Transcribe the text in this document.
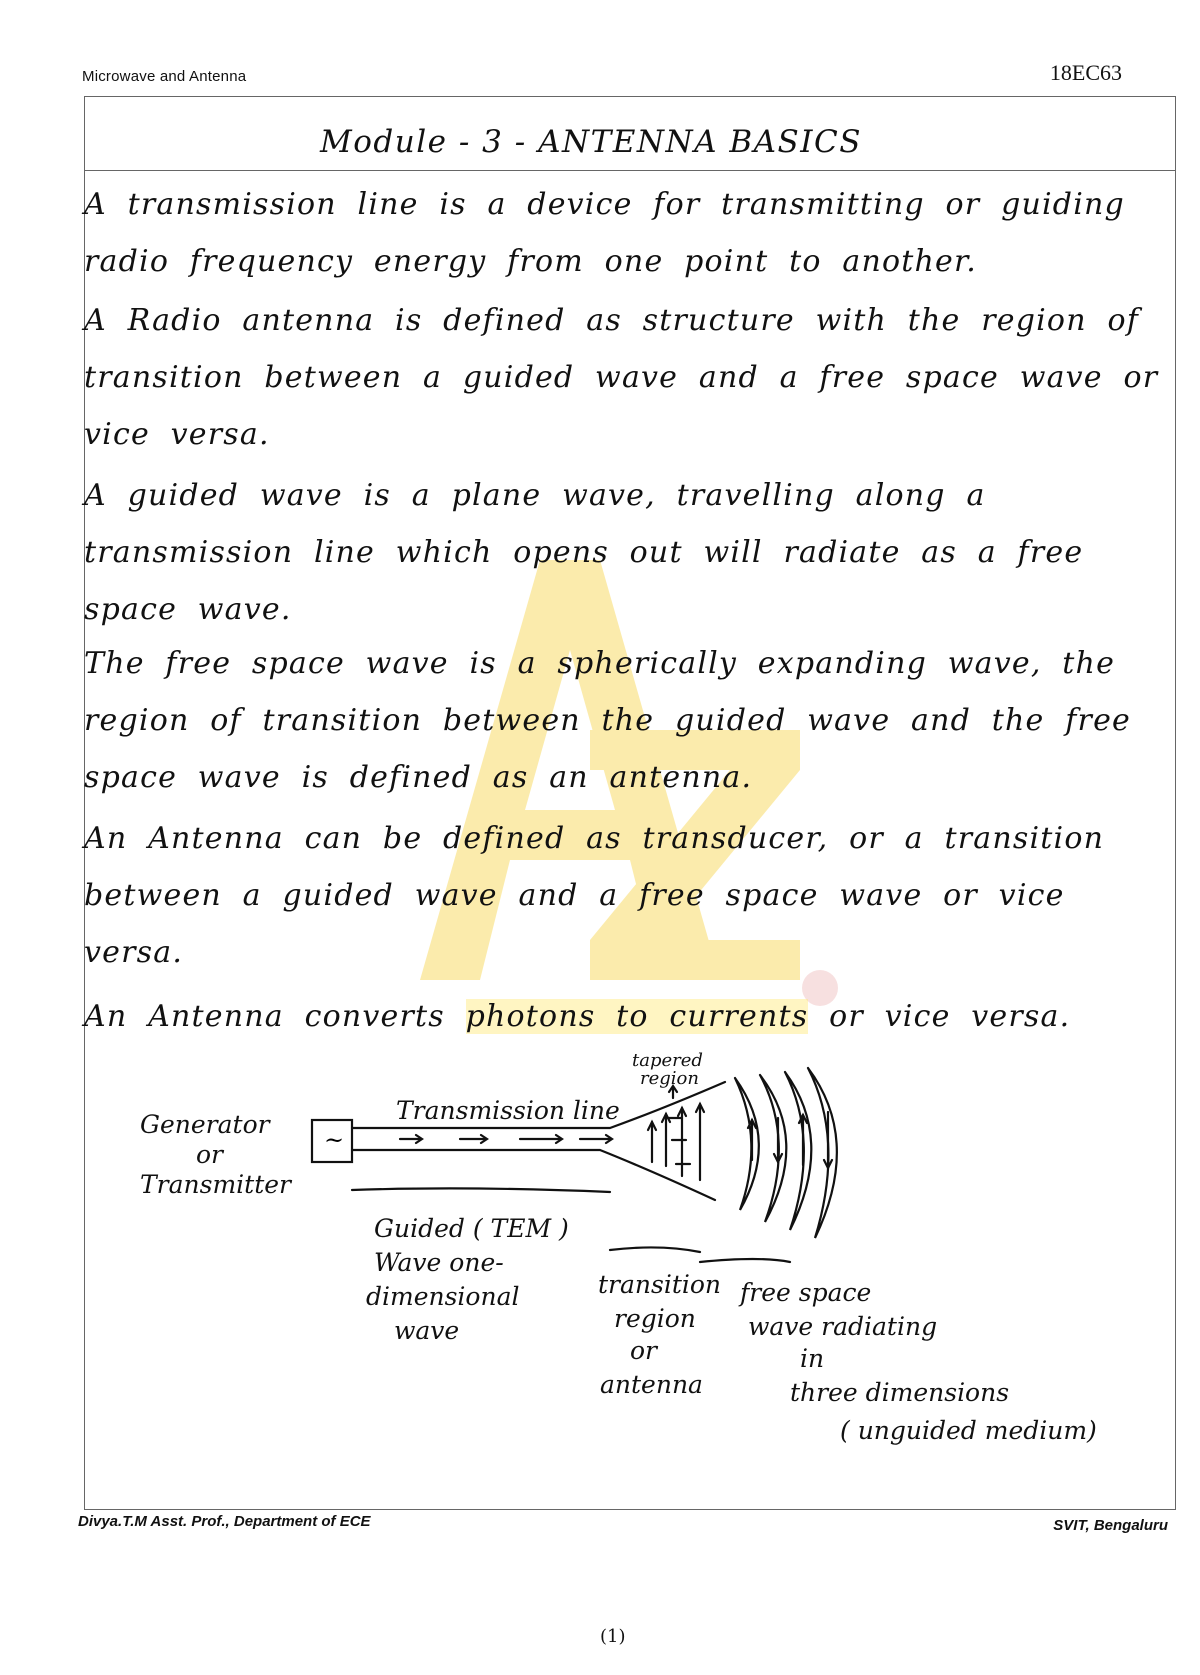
Microwave and Antenna	18EC63
Module - 3 - ANTENNA BASICS
A transmission line is a device for transmitting or guiding radio frequency energy from one point to another.
A Radio antenna is defined as structure with the region of transition between a guided wave and a free space wave or vice versa.
A guided wave is a plane wave, travelling along a transmission line which opens out will radiate as a free space wave.
The free space wave is a spherically expanding wave, the region of transition between the guided wave and the free space wave is defined as an antenna.
An Antenna can be defined as transducer, or a transition between a guided wave and a free space wave or vice versa.
An Antenna converts photons to currents or vice versa.
~
Generator
or
Transmitter
Transmission line
tapered
region
Guided ( TEM )
Wave one-
dimensional
wave
transition
region
or
antenna
free space
wave radiating
in
three dimensions
( unguided medium)
Divya.T.M Asst. Prof., Department of ECE	SVIT, Bengaluru
(1)
